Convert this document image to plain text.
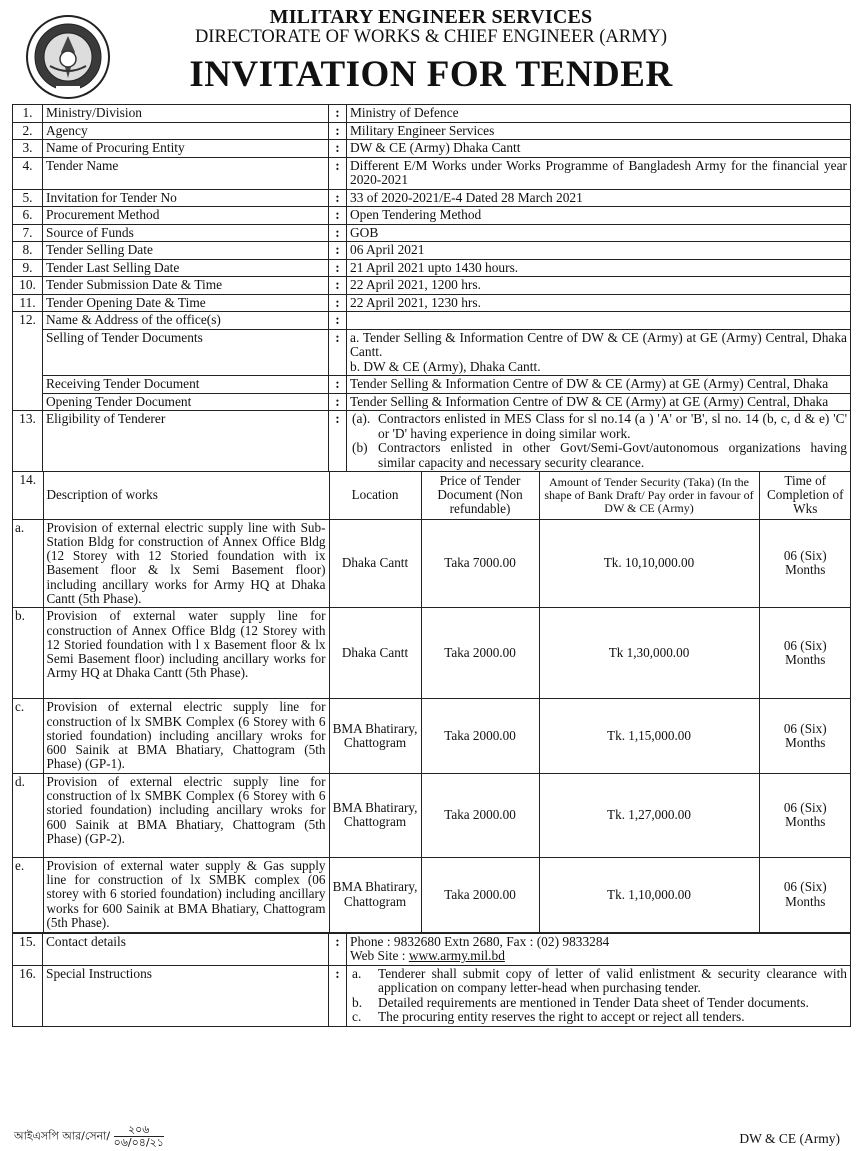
MILITARY ENGINEER SERVICES
DIRECTORATE OF WORKS & CHIEF ENGINEER (ARMY)
INVITATION FOR TENDER
1.	Ministry/Division	:	Ministry of Defence
2.	Agency	:	Military Engineer Services
3.	Name of Procuring Entity	:	DW & CE (Army) Dhaka Cantt
4.	Tender Name	:	Different E/M Works under Works Programme of Bangladesh Army for the financial year 2020-2021
5.	Invitation for Tender No	:	33 of 2020-2021/E-4 Dated 28 March 2021
6.	Procurement Method	:	Open Tendering Method
7.	Source of Funds	:	GOB
8.	Tender Selling Date	:	06 April 2021
9.	Tender Last Selling Date	:	21 April 2021 upto 1430 hours.
10.	Tender Submission Date & Time	:	22 April 2021, 1200 hrs.
11.	Tender Opening Date & Time	:	22 April 2021, 1230 hrs.
12.	Name & Address of the office(s)	:	
	Selling of Tender Documents	:	a. Tender Selling & Information Centre of DW & CE (Army) at GE (Army) Central, Dhaka Cantt.
b. DW & CE (Army), Dhaka Cantt.

	Receiving Tender Document	:	Tender Selling & Information Centre of DW & CE (Army) at GE (Army) Central, Dhaka
	Opening Tender Document	:	Tender Selling & Information Centre of DW & CE (Army) at GE (Army) Central, Dhaka
13.	Eligibility of Tenderer	:	(a). Contractors enlisted in MES Class for sl no.14 (a ) 'A' or 'B', sl no. 14 (b, c, d & e) 'C' or 'D' having experience in doing similar work.
(b) Contractors enlisted in other Govt/Semi-Govt/autonomous organizations having similar capacity and necessary security clearance.

14.	Description of works	Location	Price of Tender Document (Non refundable)	Amount of Tender Security (Taka) (In the shape of Bank Draft/ Pay order in favour of DW & CE (Army)	Time of Completion of Wks
a.	Provision of external electric supply line with Sub-Station Bldg for construction of Annex Office Bldg (12 Storey with 12 Storied foundation with ix Basement floor & lx Semi Basement floor) including ancillary works for Army HQ at Dhaka Cantt (5th Phase).	Dhaka Cantt	Taka 7000.00	Tk. 10,10,000.00	06 (Six) Months
b.	Provision of external water supply line for construction of Annex Office Bldg (12 Storey with 12 Storied foundation with l x Basement floor & lx Semi Basement floor) including ancillary works for Army HQ at Dhaka Cantt (5th Phase).	Dhaka Cantt	Taka 2000.00	Tk 1,30,000.00	06 (Six) Months
c.	Provision of external electric supply line for construction of lx SMBK Complex (6 Storey with 6 storied foundation) including ancillary wroks for 600 Sainik at BMA Bhatiary, Chattogram (5th Phase) (GP-1).	BMA Bhatirary, Chattogram	Taka 2000.00	Tk. 1,15,000.00	06 (Six) Months
d.	Provision of external electric supply line for construction of lx SMBK Complex (6 Storey with 6 storied foundation) including ancillary wroks for 600 Sainik at BMA Bhatiary, Chattogram (5th Phase) (GP-2).	BMA Bhatirary, Chattogram	Taka 2000.00	Tk. 1,27,000.00	06 (Six) Months
e.	Provision of external water supply & Gas supply line for construction of lx SMBK complex (06 storey with 6 storied foundation) including ancillary works for 600 Sainik at BMA Bhatiary, Chattogram (5th Phase).	BMA Bhatirary, Chattogram	Taka 2000.00	Tk. 1,10,000.00	06 (Six) Months

15.	Contact details	:	Phone : 9832680 Extn 2680, Fax : (02) 9833284
Web Site : www.army.mil.bd

16.	Special Instructions	:	a. Tenderer shall submit copy of letter of valid enlistment & security clearance with application on company letter-head when purchasing tender.
b. Detailed requirements are mentioned in Tender Data sheet of Tender documents.
c. The procuring entity reserves the right to accept or reject all tenders.
আইএসপি আর/সেনা/	২০৬
০৬/০৪/২১	DW & CE (Army)
